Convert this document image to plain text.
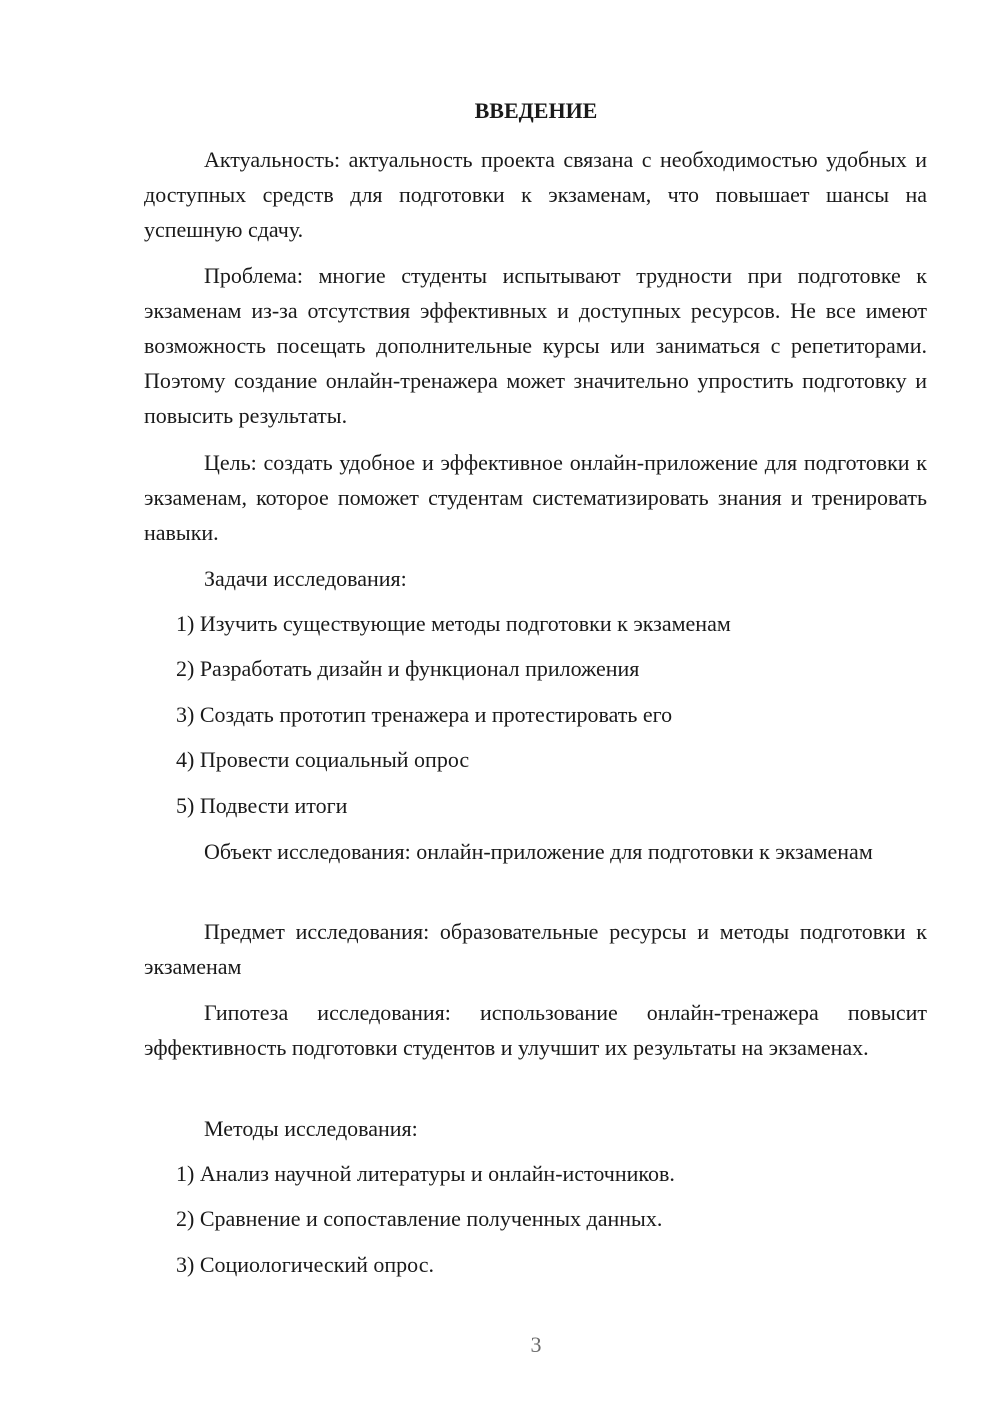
ВВЕДЕНИЕ

Актуальность: актуальность проекта связана с необходимостью удобных и доступных средств для подготовки к экзаменам, что повышает шансы на успешную сдачу.

Проблема: многие студенты испытывают трудности при подготовке к экзаменам из-за отсутствия эффективных и доступных ресурсов. Не все имеют возможность посещать дополнительные курсы или заниматься с репетиторами. Поэтому создание онлайн-тренажера может значительно упростить подготовку и повысить результаты.

Цель: создать удобное и эффективное онлайн-приложение для подготовки к экзаменам, которое поможет студентам систематизировать знания и тренировать навыки.

Задачи исследования:

1) Изучить существующие методы подготовки к экзаменам

2) Разработать дизайн и функционал приложения

3) Создать прототип тренажера и протестировать его

4) Провести социальный опрос

5) Подвести итоги

Объект исследования: онлайн-приложение для подготовки к экзаменам

Предмет исследования: образовательные ресурсы и методы подготовки к экзаменам

Гипотеза исследования: использование онлайн-тренажера повысит эффективность подготовки студентов и улучшит их результаты на экзаменах.

Методы исследования:

1) Анализ научной литературы и онлайн-источников.

2) Сравнение и сопоставление полученных данных.

3) Социологический опрос.

3
